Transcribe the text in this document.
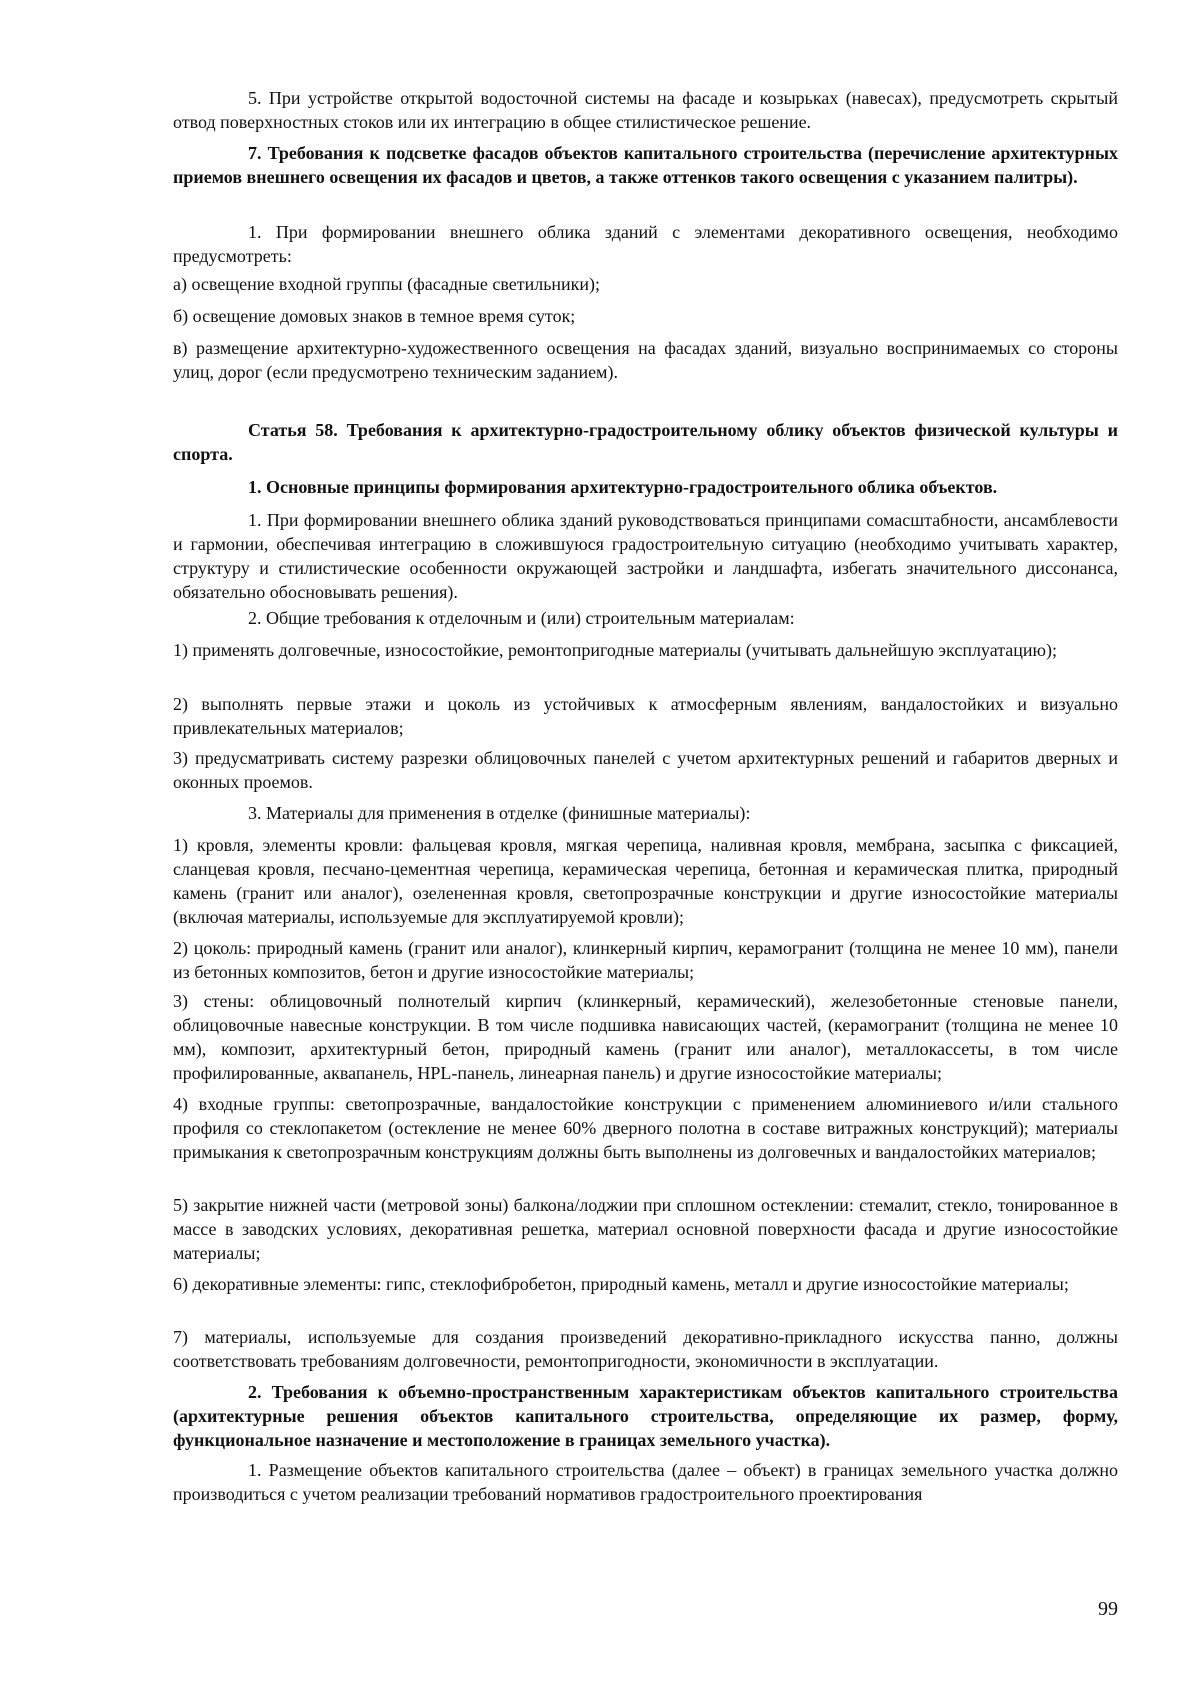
5. При устройстве открытой водосточной системы на фасаде и козырьках (навесах), предусмотреть скрытый отвод поверхностных стоков или их интеграцию в общее стилистическое решение.

7. Требования к подсветке фасадов объектов капитального строительства (перечисление архитектурных приемов внешнего освещения их фасадов и цветов, а также оттенков такого освещения с указанием палитры).

1. При формировании внешнего облика зданий с элементами декоративного освещения, необходимо предусмотреть:

а) освещение входной группы (фасадные светильники);

б) освещение домовых знаков в темное время суток;

в) размещение архитектурно-художественного освещения на фасадах зданий, визуально воспринимаемых со стороны улиц, дорог (если предусмотрено техническим заданием).

Статья 58. Требования к архитектурно-градостроительному облику объектов физической культуры и спорта.

1. Основные принципы формирования архитектурно-градостроительного облика объектов.

1. При формировании внешнего облика зданий руководствоваться принципами сомасштабности, ансамблевости и гармонии, обеспечивая интеграцию в сложившуюся градостроительную ситуацию (необходимо учитывать характер, структуру и стилистические особенности окружающей застройки и ландшафта, избегать значительного диссонанса, обязательно обосновывать решения).

2. Общие требования к отделочным и (или) строительным материалам:

1) применять долговечные, износостойкие, ремонтопригодные материалы (учитывать дальнейшую эксплуатацию);

2) выполнять первые этажи и цоколь из устойчивых к атмосферным явлениям, вандалостойких и визуально привлекательных материалов;

3) предусматривать систему разрезки облицовочных панелей с учетом архитектурных решений и габаритов дверных и оконных проемов.

3. Материалы для применения в отделке (финишные материалы):

1) кровля, элементы кровли: фальцевая кровля, мягкая черепица, наливная кровля, мембрана, засыпка с фиксацией, сланцевая кровля, песчано-цементная черепица, керамическая черепица, бетонная и керамическая плитка, природный камень (гранит или аналог), озелененная кровля, светопрозрачные конструкции и другие износостойкие материалы (включая материалы, используемые для эксплуатируемой кровли);

2) цоколь: природный камень (гранит или аналог), клинкерный кирпич, керамогранит (толщина не менее 10 мм), панели из бетонных композитов, бетон и другие износостойкие материалы;

3) стены: облицовочный полнотелый кирпич (клинкерный, керамический), железобетонные стеновые панели, облицовочные навесные конструкции. В том числе подшивка нависающих частей, (керамогранит (толщина не менее 10 мм), композит, архитектурный бетон, природный камень (гранит или аналог), металлокассеты, в том числе профилированные, аквапанель, HPL-панель, линеарная панель) и другие износостойкие материалы;

4) входные группы: светопрозрачные, вандалостойкие конструкции с применением алюминиевого и/или стального профиля со стеклопакетом (остекление не менее 60% дверного полотна в составе витражных конструкций); материалы примыкания к светопрозрачным конструкциям должны быть выполнены из долговечных и вандалостойких материалов;

5) закрытие нижней части (метровой зоны) балкона/лоджии при сплошном остеклении: стемалит, стекло, тонированное в массе в заводских условиях, декоративная решетка, материал основной поверхности фасада и другие износостойкие материалы;

6) декоративные элементы: гипс, стеклофибробетон, природный камень, металл и другие износостойкие материалы;

7) материалы, используемые для создания произведений декоративно-прикладного искусства панно, должны соответствовать требованиям долговечности, ремонтопригодности, экономичности в эксплуатации.

2. Требования к объемно-пространственным характеристикам объектов капитального строительства (архитектурные решения объектов капитального строительства, определяющие их размер, форму, функциональное назначение и местоположение в границах земельного участка).

1. Размещение объектов капитального строительства (далее – объект) в границах земельного участка должно производиться с учетом реализации требований нормативов градостроительного проектирования

99
